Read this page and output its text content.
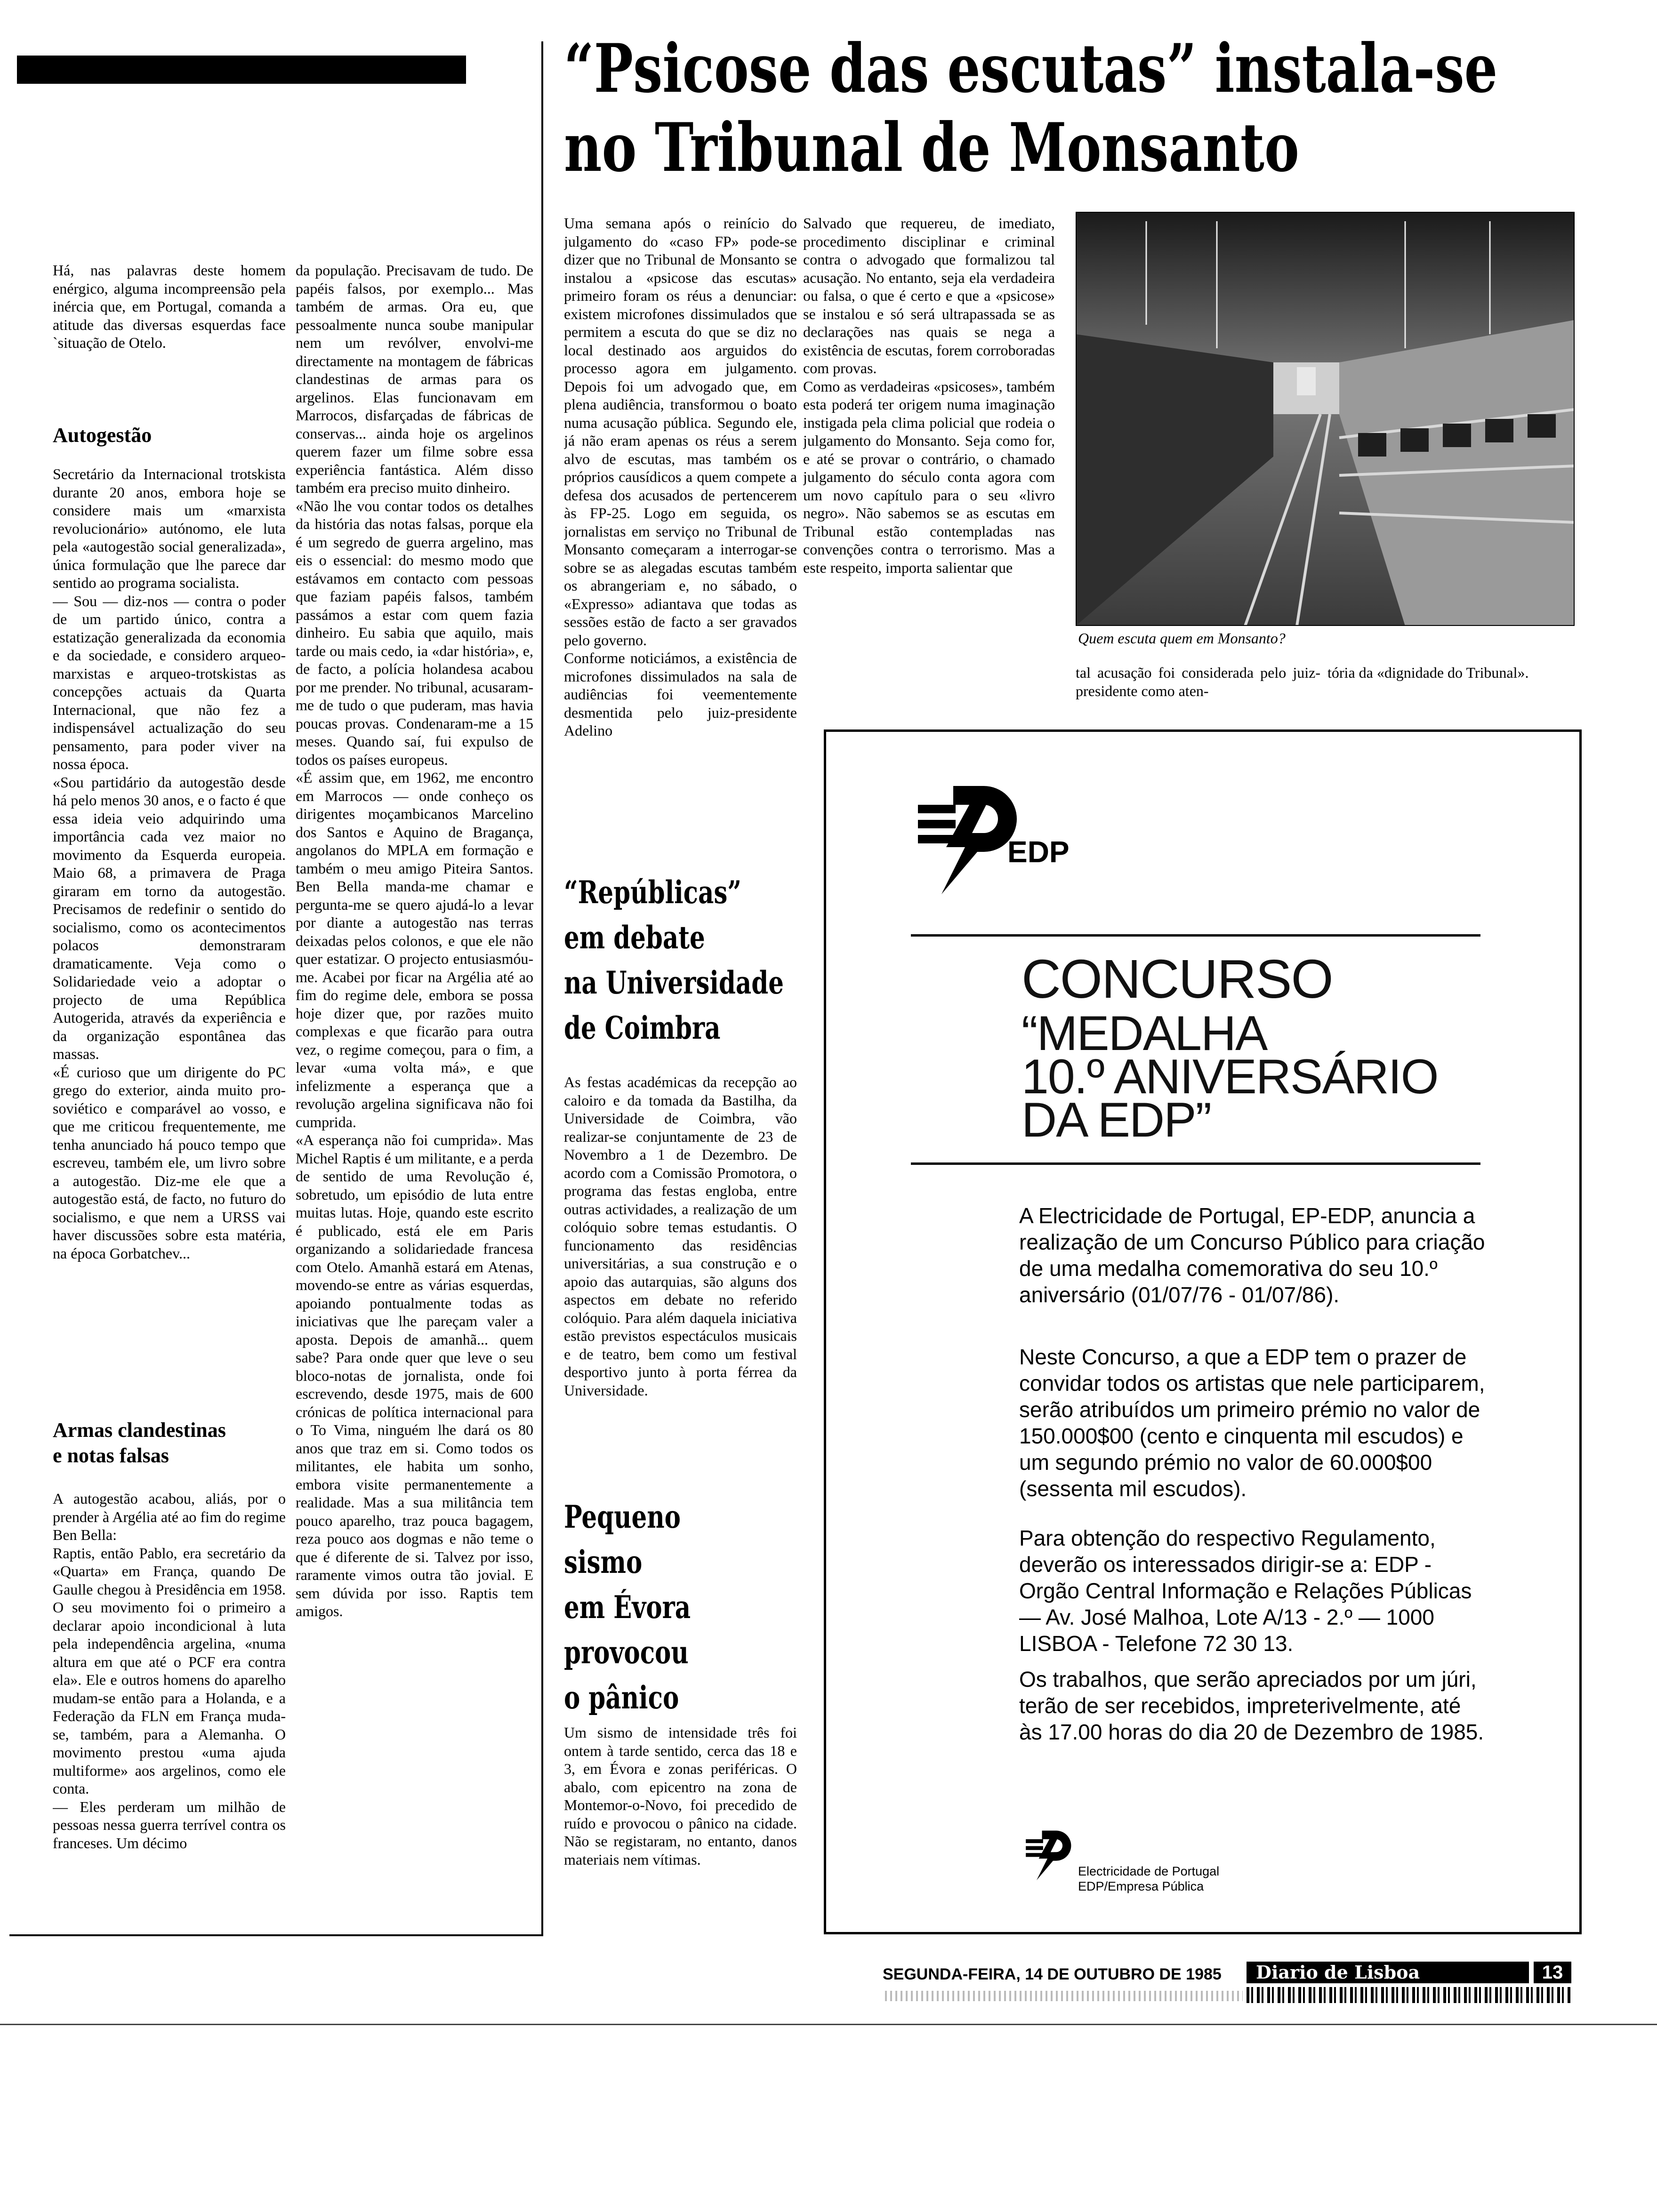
Há, nas palavras deste homem enérgico, alguma incompreensão pela inércia que, em Portugal, comanda a atitude das diversas esquerdas face `situação de Otelo.
Autogestão
Secretário da Internacional trotskista durante 20 anos, embora hoje se considere mais um «marxista revolucionário» autónomo, ele luta pela «autogestão social generalizada», única formulação que lhe parece dar sentido ao programa socialista.
— Sou — diz-nos — contra o poder de um partido único, contra a estatização generalizada da economia e da sociedade, e considero arqueo-marxistas e arqueo-trotskistas as concepções actuais da Quarta Internacional, que não fez a indispensável actualização do seu pensamento, para poder viver na nossa época.
«Sou partidário da autogestão desde há pelo menos 30 anos, e o facto é que essa ideia veio adquirindo uma importância cada vez maior no movimento da Esquerda europeia. Maio 68, a primavera de Praga giraram em torno da autogestão. Precisamos de redefinir o sentido do socialismo, como os acontecimentos polacos demonstraram dramaticamente. Veja como o Solidariedade veio a adoptar o projecto de uma República Autogerida, através da experiência e da organização espontânea das massas.
«É curioso que um dirigente do PC grego do exterior, ainda muito pro-soviético e comparável ao vosso, e que me criticou frequentemente, me tenha anunciado há pouco tempo que escreveu, também ele, um livro sobre a autogestão. Diz-me ele que a autogestão está, de facto, no futuro do socialismo, e que nem a URSS vai haver discussões sobre esta matéria, na época Gorbatchev...
Armas clandestinas
e notas falsas
A autogestão acabou, aliás, por o prender à Argélia até ao fim do regime Ben Bella:
Raptis, então Pablo, era secretário da «Quarta» em França, quando De Gaulle chegou à Presidência em 1958. O seu movimento foi o primeiro a declarar apoio incondicional à luta pela independência argelina, «numa altura em que até o PCF era contra ela». Ele e outros homens do aparelho mudam-se então para a Holanda, e a Federação da FLN em França muda-se, também, para a Alemanha. O movimento prestou «uma ajuda multiforme» aos argelinos, como ele conta.
— Eles perderam um milhão de pessoas nessa guerra terrível contra os franceses. Um décimo
da população. Precisavam de tudo. De papéis falsos, por exemplo... Mas também de armas. Ora eu, que pessoalmente nunca soube manipular nem um revólver, envolvi-me directamente na montagem de fábricas clandestinas de armas para os argelinos. Elas funcionavam em Marrocos, disfarçadas de fábricas de conservas... ainda hoje os argelinos querem fazer um filme sobre essa experiência fantástica. Além disso também era preciso muito dinheiro.
«Não lhe vou contar todos os detalhes da história das notas falsas, porque ela é um segredo de guerra argelino, mas eis o essencial: do mesmo modo que estávamos em contacto com pessoas que faziam papéis falsos, também passámos a estar com quem fazia dinheiro. Eu sabia que aquilo, mais tarde ou mais cedo, ia «dar história», e, de facto, a polícia holandesa acabou por me prender. No tribunal, acusaram-me de tudo o que puderam, mas havia poucas provas. Condenaram-me a 15 meses. Quando saí, fui expulso de todos os países europeus.
«É assim que, em 1962, me encontro em Marrocos — onde conheço os dirigentes moçambicanos Marcelino dos Santos e Aquino de Bragança, angolanos do MPLA em formação e também o meu amigo Piteira Santos. Ben Bella manda-me chamar e pergunta-me se quero ajudá-lo a levar por diante a autogestão nas terras deixadas pelos colonos, e que ele não quer estatizar. O projecto entusiasmóu-me. Acabei por ficar na Argélia até ao fim do regime dele, embora se possa hoje dizer que, por razões muito complexas e que ficarão para outra vez, o regime começou, para o fim, a levar «uma volta má», e que infelizmente a esperança que a revolução argelina significava não foi cumprida.
«A esperança não foi cumprida». Mas Michel Raptis é um militante, e a perda de sentido de uma Revolução é, sobretudo, um episódio de luta entre muitas lutas. Hoje, quando este escrito é publicado, está ele em Paris organizando a solidariedade francesa com Otelo. Amanhã estará em Atenas, movendo-se entre as várias esquerdas, apoiando pontualmente todas as iniciativas que lhe pareçam valer a aposta. Depois de amanhã... quem sabe? Para onde quer que leve o seu bloco-notas de jornalista, onde foi escrevendo, desde 1975, mais de 600 crónicas de política internacional para o To Vima, ninguém lhe dará os 80 anos que traz em si. Como todos os militantes, ele habita um sonho, embora visite permanentemente a realidade. Mas a sua militância tem pouco aparelho, traz pouca bagagem, reza pouco aos dogmas e não teme o que é diferente de si. Talvez por isso, raramente vimos outra tão jovial. E sem dúvida por isso. Raptis tem amigos.
“Psicose das escutas” instala-se
no Tribunal de Monsanto
Uma semana após o reinício do julgamento do «caso FP» pode-se dizer que no Tribunal de Monsanto se instalou a «psicose das escutas» primeiro foram os réus a denunciar: existem microfones dissimulados que permitem a escuta do que se diz no local destinado aos arguidos do processo agora em julgamento. Depois foi um advogado que, em plena audiência, transformou o boato numa acusação pública. Segundo ele, já não eram apenas os réus a serem alvo de escutas, mas também os próprios causídicos a quem compete a defesa dos acusados de pertencerem às FP-25. Logo em seguida, os jornalistas em serviço no Tribunal de Monsanto começaram a interrogar-se sobre se as alegadas escutas também os abrangeriam e, no sábado, o «Expresso» adiantava que todas as sessões estão de facto a ser gravados pelo governo.
Conforme noticiámos, a existência de microfones dissimulados na sala de audiências foi veementemente desmentida pelo juiz-presidente Adelino
Salvado que requereu, de imediato, procedimento disciplinar e criminal contra o advogado que formalizou tal acusação. No entanto, seja ela verdadeira ou falsa, o que é certo e que a «psicose» se instalou e só será ultrapassada se as declarações nas quais se nega a existência de escutas, forem corroboradas com provas.
Como as verdadeiras «psicoses», também esta poderá ter origem numa imaginação instigada pela clima policial que rodeia o julgamento do Monsanto. Seja como for, e até se provar o contrário, o chamado julgamento do século conta agora com um novo capítulo para o seu «livro negro». Não sabemos se as escutas em Tribunal estão contempladas nas convenções contra o terrorismo. Mas a este respeito, importa salientar que
Quem escuta quem em Monsanto?
tal acusação foi considerada pelo juiz-presidente como aten-
tória da «dignidade do Tribunal».
“Repúblicas”
em debate
na Universidade
de Coimbra
As festas académicas da recepção ao caloiro e da tomada da Bastilha, da Universidade de Coimbra, vão realizar-se conjuntamente de 23 de Novembro a 1 de Dezembro. De acordo com a Comissão Promotora, o programa das festas engloba, entre outras actividades, a realização de um colóquio sobre temas estudantis. O funcionamento das residências universitárias, a sua construção e o apoio das autarquias, são alguns dos aspectos em debate no referido colóquio. Para além daquela iniciativa estão previstos espectáculos musicais e de teatro, bem como um festival desportivo junto à porta férrea da Universidade.
Pequeno
sismo
em Évora
provocou
o pânico
Um sismo de intensidade três foi ontem à tarde sentido, cerca das 18 e 3, em Évora e zonas periféricas. O abalo, com epicentro na zona de Montemor-o-Novo, foi precedido de ruído e provocou o pânico na cidade. Não se registaram, no entanto, danos materiais nem vítimas.
EDP
CONCURSO
“MEDALHA
10.º ANIVERSÁRIO
DA EDP”
A Electricidade de Portugal, EP-EDP, anuncia a realização de um Concurso Público para criação de uma medalha comemorativa do seu 10.º aniversário (01/07/76 - 01/07/86).
Neste Concurso, a que a EDP tem o prazer de convidar todos os artistas que nele participarem, serão atribuídos um primeiro prémio no valor de 150.000$00 (cento e cinquenta mil escudos) e um segundo prémio no valor de 60.000$00 (sessenta mil escudos).
Para obtenção do respectivo Regulamento, deverão os interessados dirigir-se a: EDP - Orgão Central Informação e Relações Públicas — Av. José Malhoa, Lote A/13 - 2.º — 1000 LISBOA - Telefone 72 30 13.
Os trabalhos, que serão apreciados por um júri, terão de ser recebidos, impreterivelmente, até às 17.00 horas do dia 20 de Dezembro de 1985.
Electricidade de Portugal
EDP/Empresa Pública
SEGUNDA-FEIRA, 14 DE OUTUBRO DE 1985	Diario de Lisboa	13
